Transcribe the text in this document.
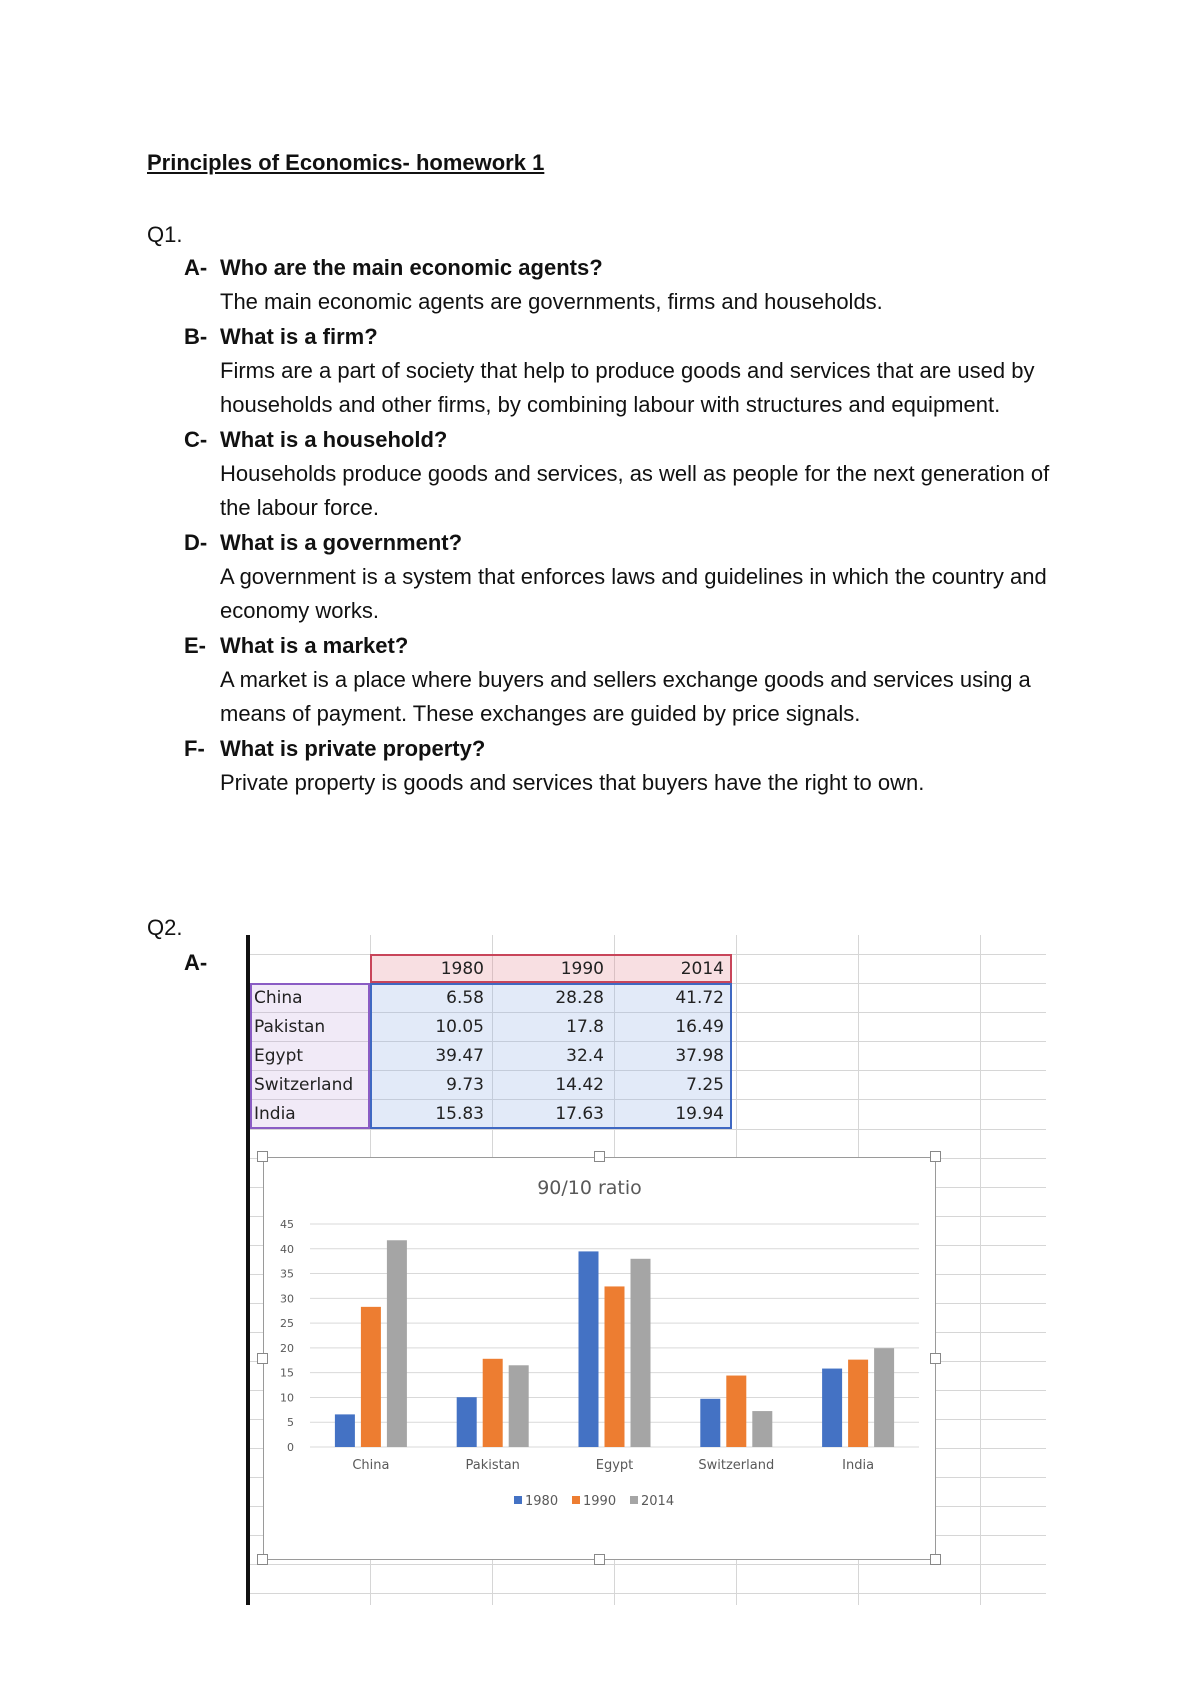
Principles of Economics- homework 1
Q1.
A- Who are the main economic agents?
The main economic agents are governments, firms and households.
B- What is a firm?
Firms are a part of society that help to produce goods and services that are used by households and other firms, by combining labour with structures and equipment.
C- What is a household?
Households produce goods and services, as well as people for the next generation of the labour force.
D- What is a government?
A government is a system that enforces laws and guidelines in which the country and economy works.
E- What is a market?
A market is a place where buyers and sellers exchange goods and services using a means of payment. These exchanges are guided by price signals.
F- What is private property?
Private property is goods and services that buyers have the right to own.
Q2.
A-
		1980	1990	2014
China	6.58	28.28	41.72
Pakistan	10.05	17.8	16.49
Egypt	39.47	32.4	37.98
Switzerland	9.73	14.42	7.25
India	15.83	17.63	19.94
90/10 ratio
0
5
10
15
20
25
30
35
40
45
China	Pakistan	Egypt	Switzerland	India
1980 1990 2014
